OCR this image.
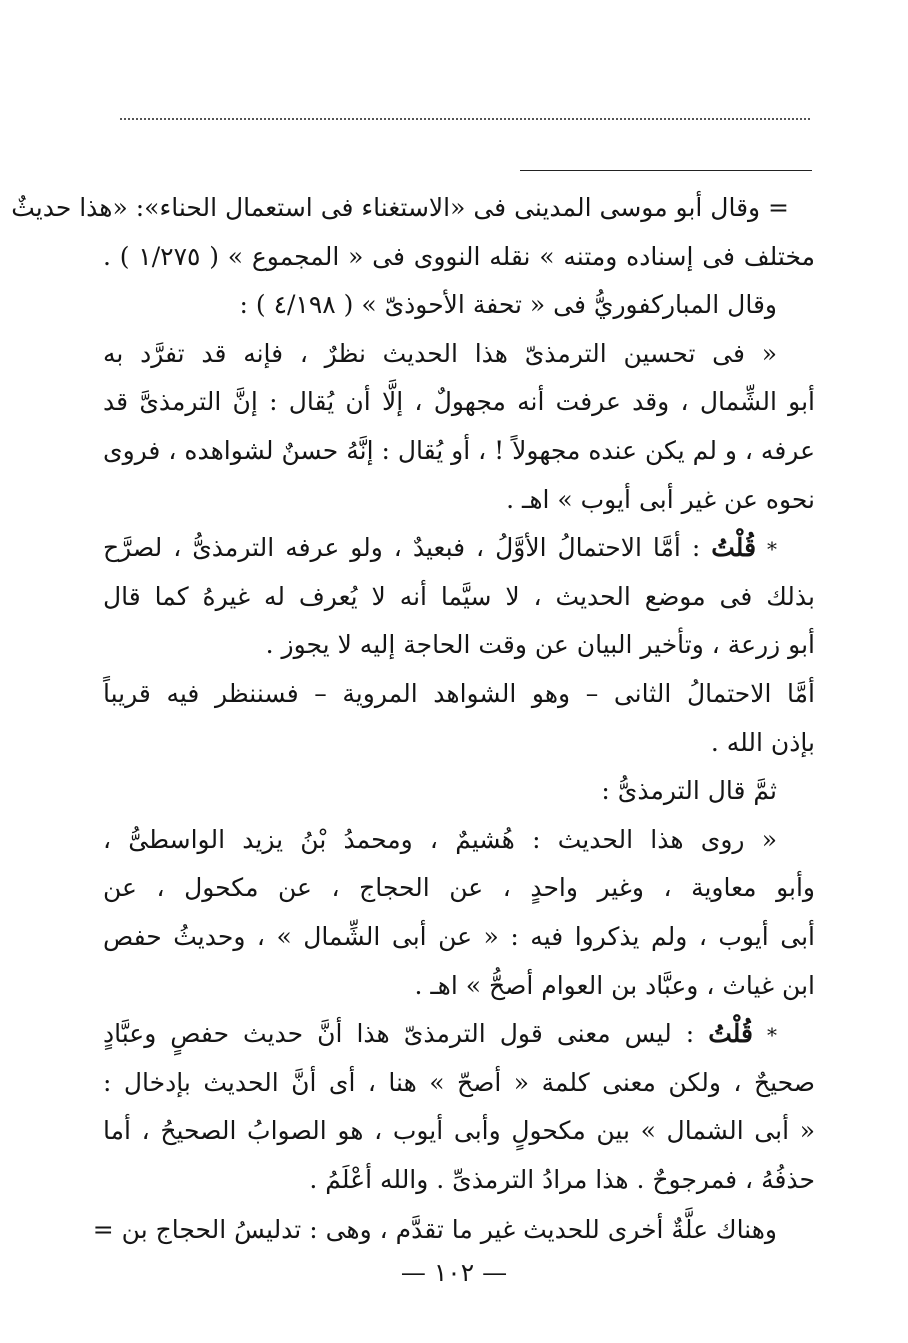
= وقال أبو موسى المدينى فى «الاستغناء فى استعمال الحناء»: «هذا حديثٌ
مختلف فى إسناده ومتنه » نقله النووى فى « المجموع » ( ١/٢٧٥ ) .
وقال المباركفوريُّ فى « تحفة الأحوذىّ » ( ٤/١٩٨ ) :
« فى تحسين الترمذىّ هذا الحديث نظرٌ ، فإنه قد تفرَّد به
أبو الشِّمال ، وقد عرفت أنه مجهولٌ ، إلَّا أن يُقال : إنَّ الترمذىَّ قد
عرفه ، و لم يكن عنده مجهولاً ! ، أو يُقال : إنَّهُ حسنٌ لشواهده ، فروى
نحوه عن غير أبى أيوب » اهـ .
* قُلْتُ : أمَّا الاحتمالُ الأوَّلُ ، فبعيدٌ ، ولو عرفه الترمذىُّ ، لصرَّح
بذلك فى موضع الحديث ، لا سيَّما أنه لا يُعرف له غيرهُ كما قال
أبو زرعة ، وتأخير البيان عن وقت الحاجة إليه لا يجوز .
أمَّا الاحتمالُ الثانى – وهو الشواهد المروية – فسننظر فيه قريباً
بإذن الله .
ثمَّ قال الترمذىُّ :
« روى هذا الحديث : هُشيمٌ ، ومحمدُ بْنُ يزيد الواسطىُّ ،
وأبو معاوية ، وغير واحدٍ ، عن الحجاج ، عن مكحول ، عن
أبى أيوب ، ولم يذكروا فيه : « عن أبى الشِّمال » ، وحديثُ حفص
ابن غياث ، وعبَّاد بن العوام أصحُّ » اهـ .
* قُلْتُ : ليس معنى قول الترمذىّ هذا أنَّ حديث حفصٍ وعبَّادٍ
صحيحٌ ، ولكن معنى كلمة « أصحّ » هنا ، أى أنَّ الحديث بإدخال :
« أبى الشمال » بين مكحولٍ وأبى أيوب ، هو الصوابُ الصحيحُ ، أما
حذفُهُ ، فمرجوحٌ . هذا مرادُ الترمذىِّ . والله أعْلَمُ .
وهناك علَّةٌ أخرى للحديث غير ما تقدَّم ، وهى : تدليسُ الحجاج بن =
— ١٠٢ —
